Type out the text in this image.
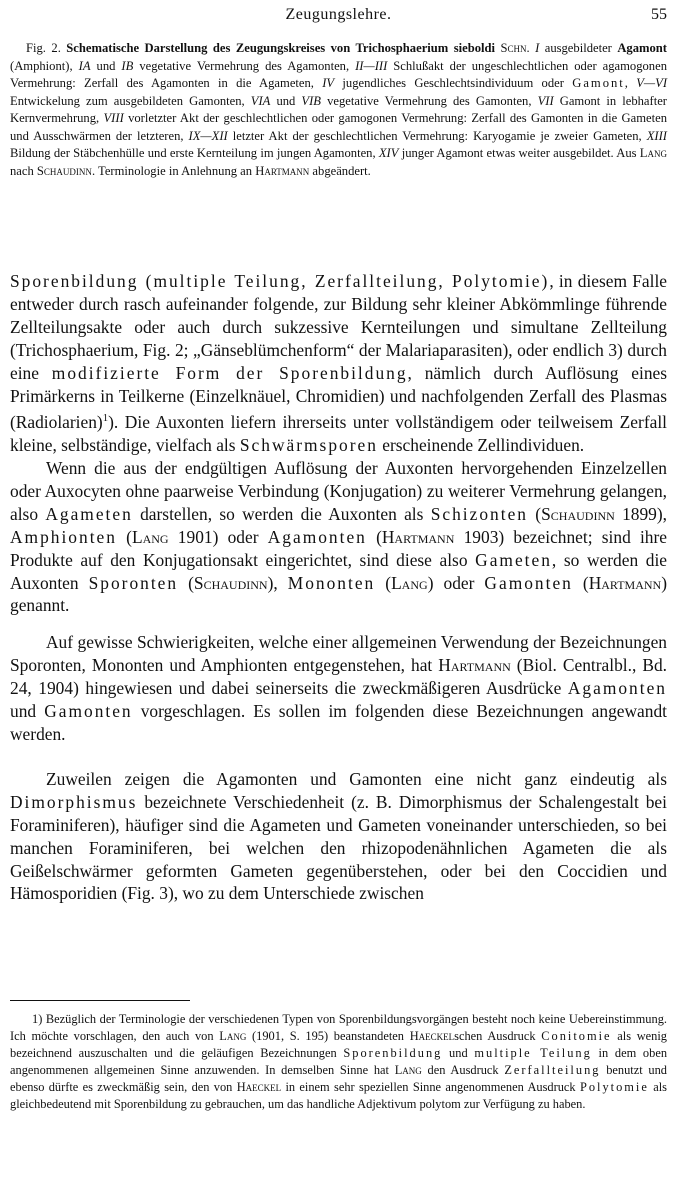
Zeugungslehre.	55
Fig. 2. Schematische Darstellung des Zeugungskreises von Trichosphaerium sieboldi Schn. I ausgebildeter Agamont (Amphiont), IA und IB vegetative Vermehrung des Agamonten, II—III Schlußakt der ungeschlechtlichen oder agamogonen Vermehrung: Zerfall des Agamonten in die Agameten, IV jugendliches Geschlechtsindividuum oder Gamont, V—VI Entwickelung zum ausgebildeten Gamonten, VIA und VIB vegetative Vermehrung des Gamonten, VII Gamont in lebhafter Kernvermehrung, VIII vorletzter Akt der geschlechtlichen oder gamogonen Vermehrung: Zerfall des Gamonten in die Gameten und Ausschwärmen der letzteren, IX—XII letzter Akt der geschlechtlichen Vermehrung: Karyogamie je zweier Gameten, XIII Bildung der Stäbchenhülle und erste Kernteilung im jungen Agamonten, XIV junger Agamont etwas weiter ausgebildet. Aus Lang nach Schaudinn. Terminologie in Anlehnung an Hartmann abgeändert.

Sporenbildung (multiple Teilung, Zerfallteilung, Polytomie), in diesem Falle entweder durch rasch aufeinander folgende, zur Bildung sehr kleiner Abkömmlinge führende Zellteilungsakte oder auch durch sukzessive Kernteilungen und simultane Zellteilung (Trichosphaerium, Fig. 2; „Gänseblümchenform“ der Malariaparasiten), oder endlich 3) durch eine modifizierte Form der Sporenbildung, nämlich durch Auflösung eines Primärkerns in Teilkerne (Einzelknäuel, Chromidien) und nachfolgenden Zerfall des Plasmas (Radiolarien)$^1$). Die Auxonten liefern ihrerseits unter vollständigem oder teilweisem Zerfall kleine, selbständige, vielfach als Schwärmsporen erscheinende Zellindividuen.

Wenn die aus der endgültigen Auflösung der Auxonten hervorgehenden Einzelzellen oder Auxocyten ohne paarweise Verbindung (Konjugation) zu weiterer Vermehrung gelangen, also Agameten darstellen, so werden die Auxonten als Schizonten (Schaudinn 1899), Amphionten (Lang 1901) oder Agamonten (Hartmann 1903) bezeichnet; sind ihre Produkte auf den Konjugationsakt eingerichtet, sind diese also Gameten, so werden die Auxonten Sporonten (Schaudinn), Mononten (Lang) oder Gamonten (Hartmann) genannt.

Auf gewisse Schwierigkeiten, welche einer allgemeinen Verwendung der Bezeichnungen Sporonten, Mononten und Amphionten entgegenstehen, hat Hartmann (Biol. Centralbl., Bd. 24, 1904) hingewiesen und dabei seinerseits die zweckmäßigeren Ausdrücke Agamonten und Gamonten vorgeschlagen. Es sollen im folgenden diese Bezeichnungen angewandt werden.

Zuweilen zeigen die Agamonten und Gamonten eine nicht ganz eindeutig als Dimorphismus bezeichnete Verschiedenheit (z. B. Dimorphismus der Schalengestalt bei Foraminiferen), häufiger sind die Agameten und Gameten voneinander unterschieden, so bei manchen Foraminiferen, bei welchen den rhizopodenähnlichen Agameten die als Geißelschwärmer geformten Gameten gegenüberstehen, oder bei den Coccidien und Hämosporidien (Fig. 3), wo zu dem Unterschiede zwischen

1) Bezüglich der Terminologie der verschiedenen Typen von Sporenbildungsvorgängen besteht noch keine Uebereinstimmung. Ich möchte vorschlagen, den auch von Lang (1901, S. 195) beanstandeten Haeckelschen Ausdruck Conitomie als wenig bezeichnend auszuschalten und die geläufigen Bezeichnungen Sporenbildung und multiple Teilung in dem oben angenommenen allgemeinen Sinne anzuwenden. In demselben Sinne hat Lang den Ausdruck Zerfallteilung benutzt und ebenso dürfte es zweckmäßig sein, den von Haeckel in einem sehr speziellen Sinne angenommenen Ausdruck Polytomie als gleichbedeutend mit Sporenbildung zu gebrauchen, um das handliche Adjektivum polytom zur Verfügung zu haben.
